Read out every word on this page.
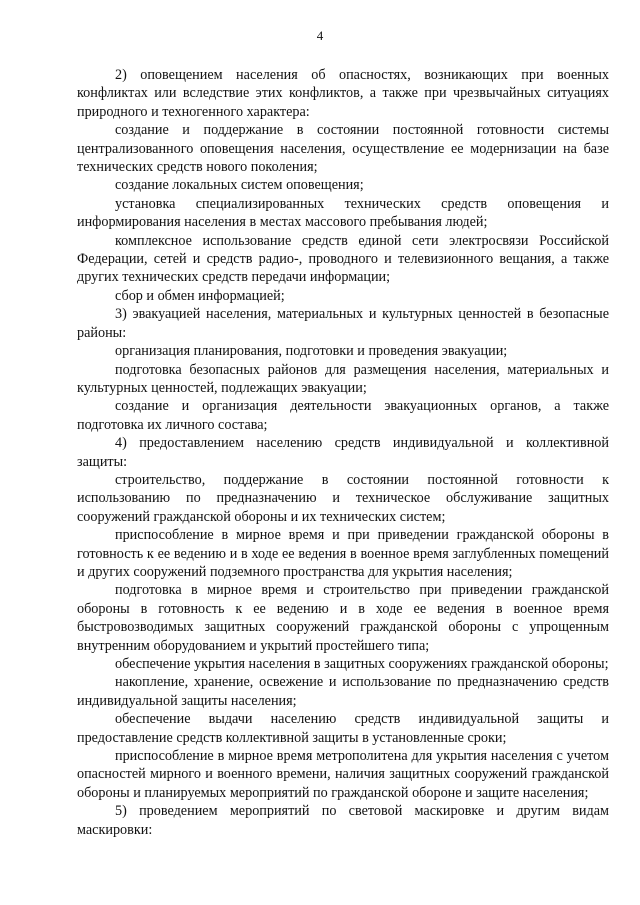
4

2) оповещением населения об опасностях, возникающих при военных конфликтах или вследствие этих конфликтов, а также при чрезвычайных ситуациях природного и техногенного характера:

создание и поддержание в состоянии постоянной готовности системы централизованного оповещения населения, осуществление ее модернизации на базе технических средств нового поколения;

создание локальных систем оповещения;

установка специализированных технических средств оповещения и информирования населения в местах массового пребывания людей;

комплексное использование средств единой сети электросвязи Российской Федерации, сетей и средств радио-, проводного и телевизионного вещания, а также других технических средств передачи информации;

сбор и обмен информацией;

3) эвакуацией населения, материальных и культурных ценностей в безопасные районы:

организация планирования, подготовки и проведения эвакуации;

подготовка безопасных районов для размещения населения, материальных и культурных ценностей, подлежащих эвакуации;

создание и организация деятельности эвакуационных органов, а также подготовка их личного состава;

4) предоставлением населению средств индивидуальной и коллективной защиты:

строительство, поддержание в состоянии постоянной готовности к использованию по предназначению и техническое обслуживание защитных сооружений гражданской обороны и их технических систем;

приспособление в мирное время и при приведении гражданской обороны в готовность к ее ведению и в ходе ее ведения в военное время заглубленных помещений и других сооружений подземного пространства для укрытия населения;

подготовка в мирное время и строительство при приведении гражданской обороны в готовность к ее ведению и в ходе ее ведения в военное время быстровозводимых защитных сооружений гражданской обороны с упрощенным внутренним оборудованием и укрытий простейшего типа;

обеспечение укрытия населения в защитных сооружениях гражданской обороны;

накопление, хранение, освежение и использование по предназначению средств индивидуальной защиты населения;

обеспечение выдачи населению средств индивидуальной защиты и предоставление средств коллективной защиты в установленные сроки;

приспособление в мирное время метрополитена для укрытия населения с учетом опасностей мирного и военного времени, наличия защитных сооружений гражданской обороны и планируемых мероприятий по гражданской обороне и защите населения;

5) проведением мероприятий по световой маскировке и другим видам маскировки:
